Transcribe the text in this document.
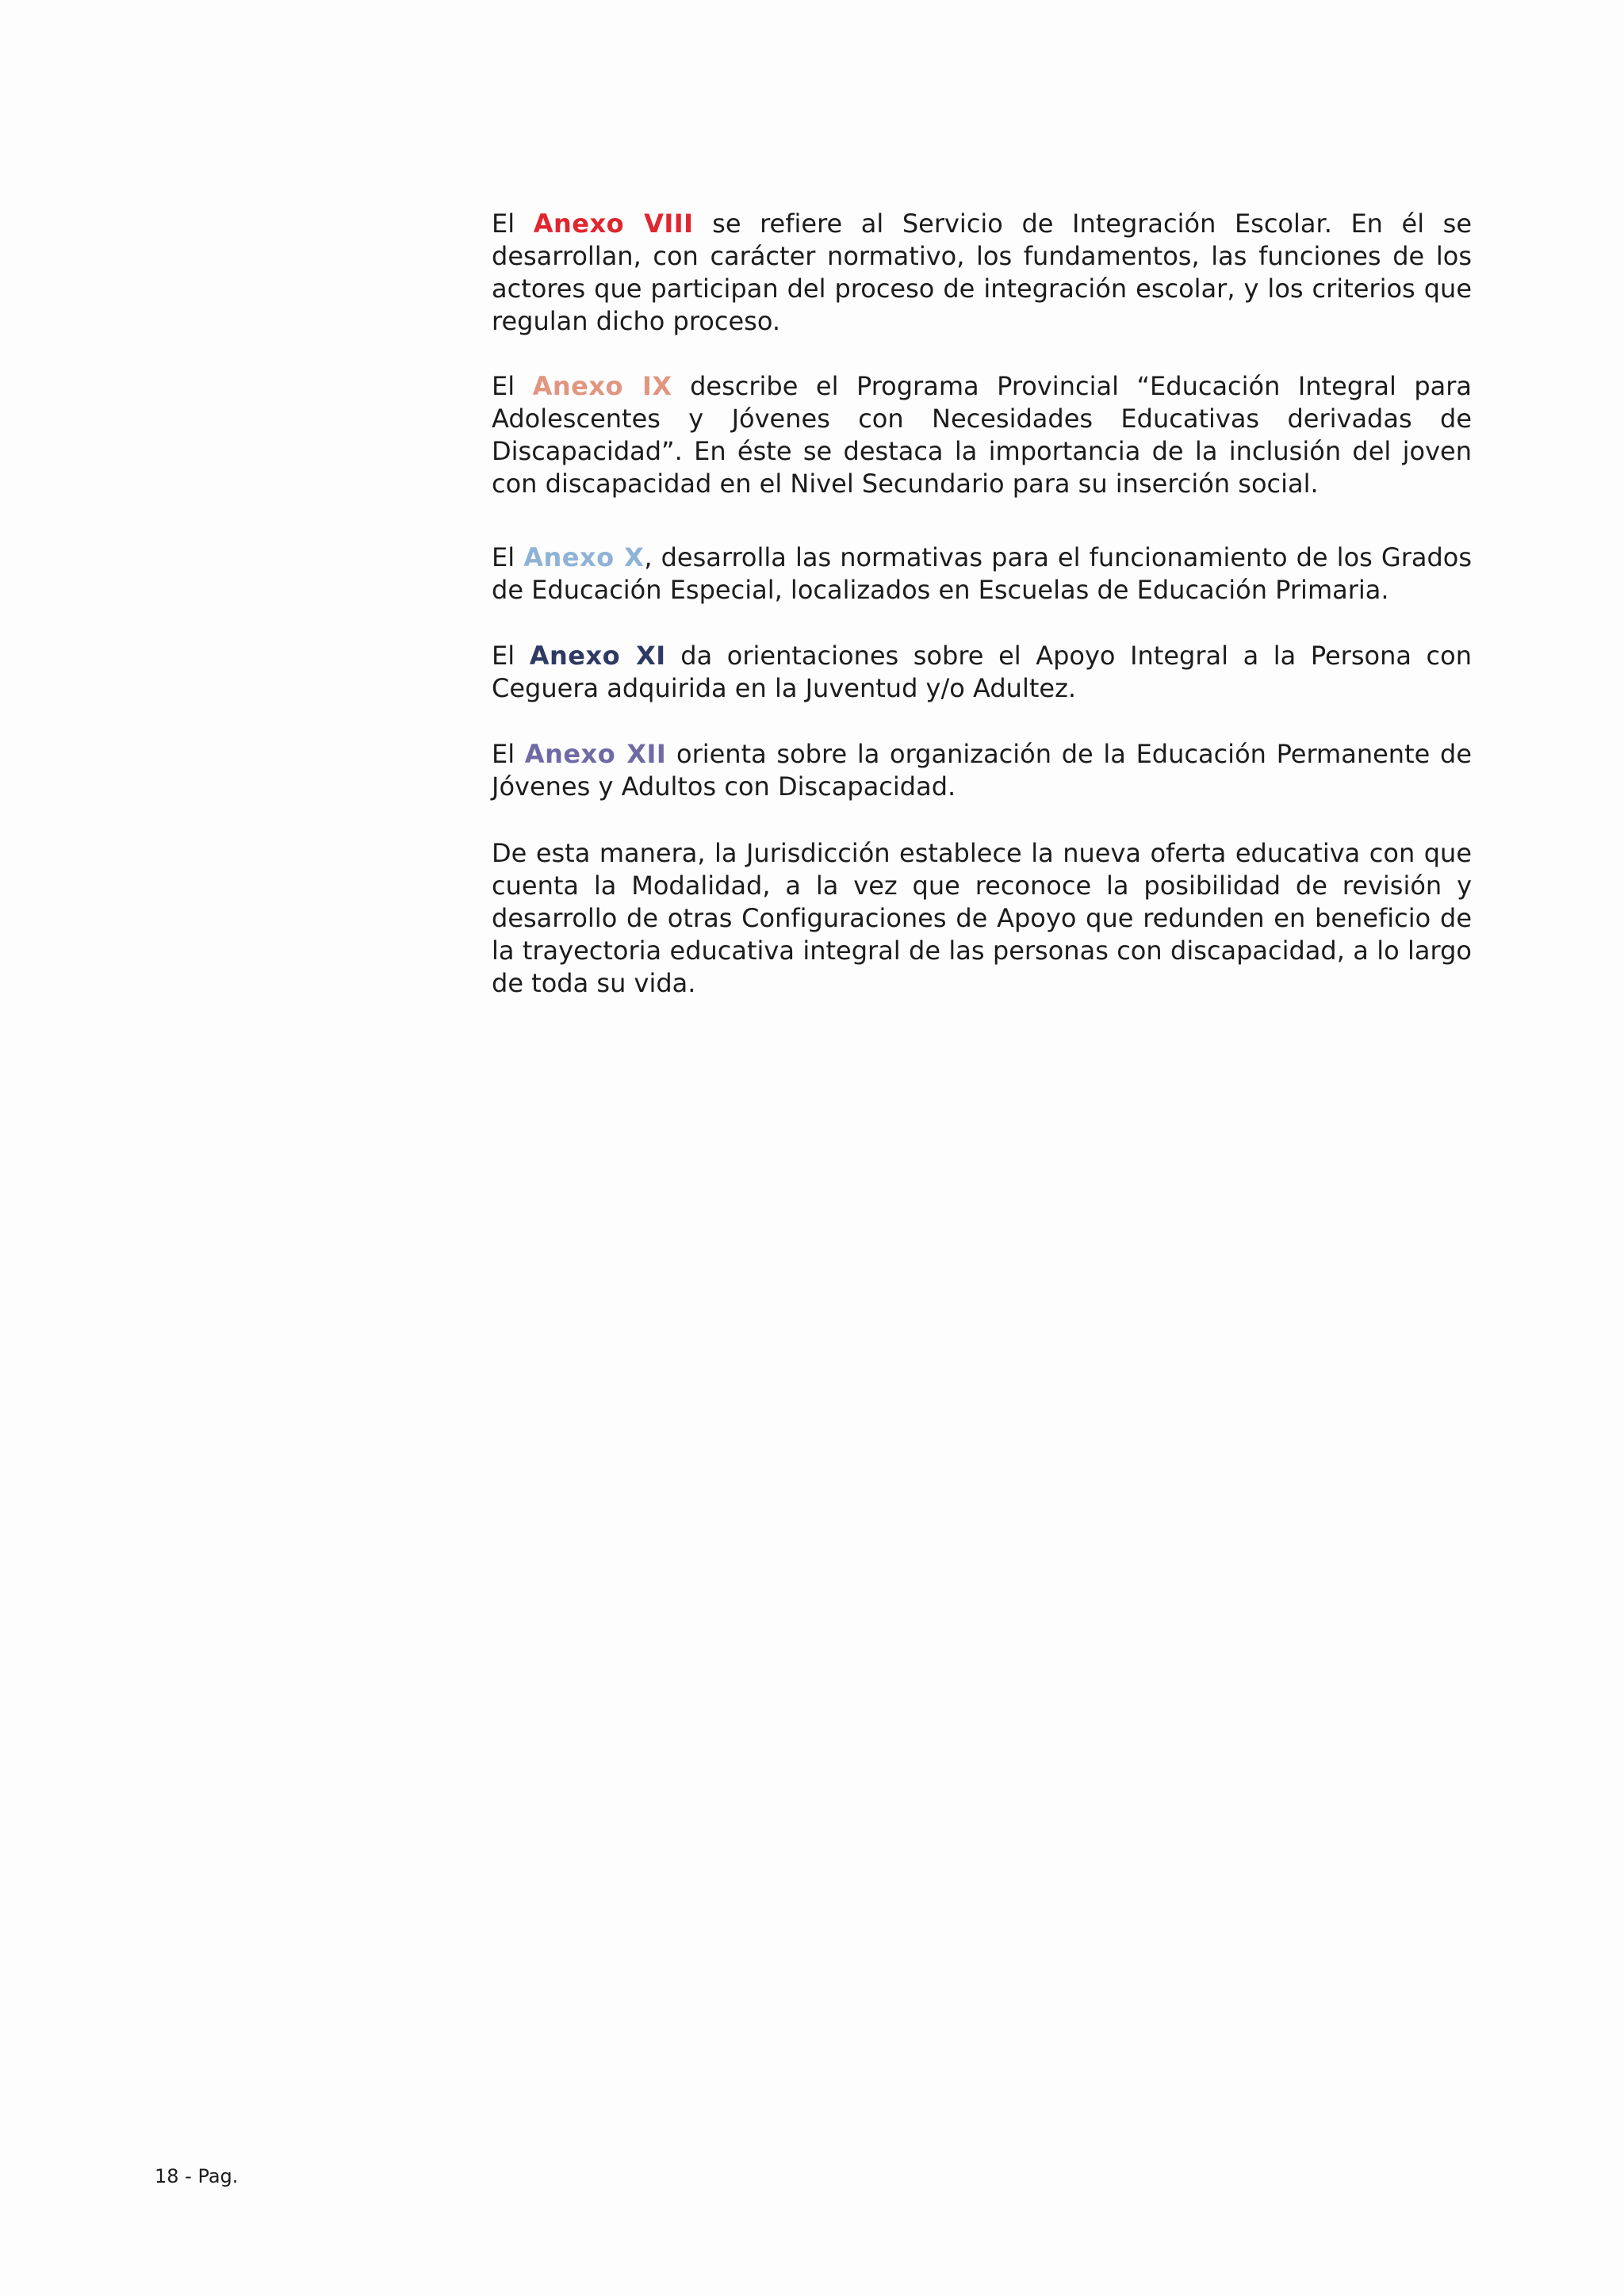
El Anexo VIII se refiere al Servicio de Integración Escolar. En él se desarrollan, con carácter normativo, los fundamentos, las funciones de los actores que participan del proceso de integración escolar, y los criterios que regulan dicho proceso.

El Anexo IX describe el Programa Provincial “Educación Integral para Adolescentes y Jóvenes con Necesidades Educativas derivadas de Discapacidad”. En éste se destaca la importancia de la inclusión del joven con discapacidad en el Nivel Secundario para su inserción social.

El Anexo X, desarrolla las normativas para el funcionamiento de los Grados de Educación Especial, localizados en Escuelas de Educación Primaria.

El Anexo XI da orientaciones sobre el Apoyo Integral a la Persona con Ceguera adquirida en la Juventud y/o Adultez.

El Anexo XII orienta sobre la organización de la Educación Permanente de Jóvenes y Adultos con Discapacidad.

De esta manera, la Jurisdicción establece la nueva oferta educativa con que cuenta la Modalidad, a la vez que reconoce la posibilidad de revisión y desarrollo de otras Configuraciones de Apoyo que redunden en beneficio de la trayectoria educativa integral de las personas con discapacidad, a lo largo de toda su vida.

18 - Pag.
